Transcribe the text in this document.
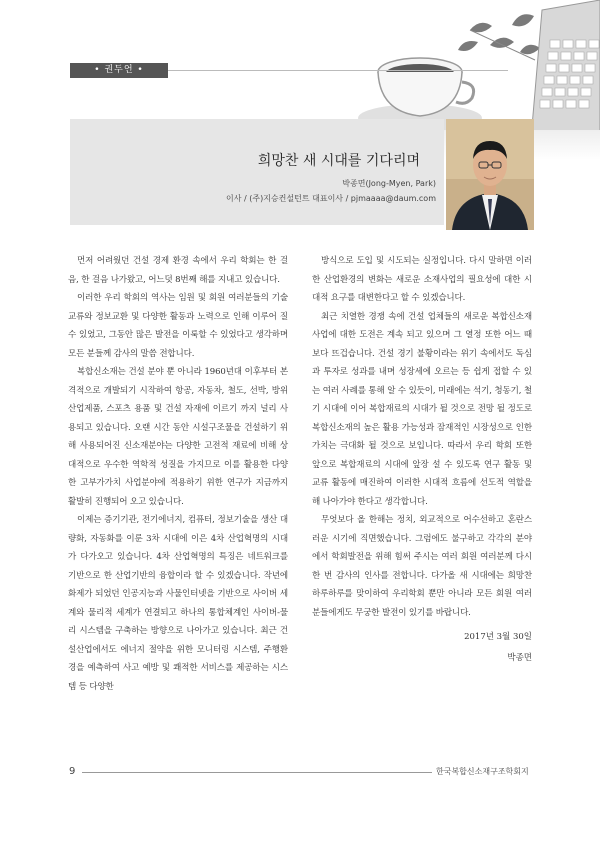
• 권두언 •
희망찬 새 시대를 기다리며
박종면(Jong-Myen, Park)
이사 / (주)지승컨설턴트 대표이사 / pjmaaaa@daum.com

먼저 어려웠던 건설 경제 환경 속에서 우리 학회는 한 걸음, 한 걸음 나가왔고, 어느덧 8번째 해를 지내고 있습니다.

이러한 우리 학회의 역사는 임원 및 회원 여러분들의 기술교류와 정보교환 및 다양한 활동과 노력으로 인해 이루어 질 수 있었고, 그동안 많은 발전을 이룩할 수 있었다고 생각하며 모든 분들께 감사의 말씀 전합니다.

복합신소재는 건설 분야 뿐 아니라 1960년대 이후부터 본격적으로 개발되기 시작하여 항공, 자동차, 철도, 선박, 방위산업제품, 스포츠 용품 및 건설 자재에 이르기 까지 널리 사용되고 있습니다. 오랜 시간 동안 시설구조물을 건설하기 위해 사용되어진 신소재분야는 다양한 고전적 재료에 비해 상대적으로 우수한 역학적 성질을 가지므로 이를 활용한 다양한 고부가가치 사업분야에 적용하기 위한 연구가 지금까지 활발히 진행되어 오고 있습니다.

이제는 증기기관, 전기에너지, 컴퓨터, 정보기술을 생산 대량화, 자동화를 이룬 3차 시대에 이은 4차 산업혁명의 시대가 다가오고 있습니다. 4차 산업혁명의 특징은 네트워크를 기반으로 한 산업기반의 융합이라 할 수 있겠습니다. 작년에 화제가 되었던 인공지능과 사물인터넷을 기반으로 사이버 세계와 물리적 세계가 연결되고 하나의 통합체계인 사이버-물리 시스템을 구축하는 방향으로 나아가고 있습니다. 최근 건설산업에서도 에너지 절약을 위한 모니터링 시스템, 주행환경을 예측하여 사고 예방 및 쾌적한 서비스를 제공하는 시스템 등 다양한

방식으로 도입 및 시도되는 실정입니다. 다시 말하면 이러한 산업환경의 변화는 새로운 소재사업의 필요성에 대한 시대적 요구를 대변한다고 할 수 있겠습니다.

최근 치열한 경쟁 속에 건설 업체들의 새로운 복합신소재 사업에 대한 도전은 계속 되고 있으며 그 열정 또한 어느 때 보다 뜨겁습니다. 건설 경기 불황이라는 위기 속에서도 독심과 투자로 성과를 내며 성장세에 오르는 등 쉽게 접할 수 있는 여러 사례를 통해 알 수 있듯이, 미래에는 석기, 청동기, 철기 시대에 이어 복합재료의 시대가 될 것으로 전망 될 정도로 복합신소재의 높은 활용 가능성과 잠재적인 시장성으로 인한 가치는 극대화 될 것으로 보입니다. 따라서 우리 학회 또한 앞으로 복합재료의 시대에 앞장 설 수 있도록 연구 활동 및 교류 활동에 매진하여 이러한 시대적 흐름에 선도적 역할을 해 나아가야 한다고 생각합니다.

무엇보다 올 한해는 정치, 외교적으로 어수선하고 혼란스러운 시기에 직면했습니다. 그럼에도 불구하고 각각의 분야에서 학회발전을 위해 힘써 주시는 여러 회원 여러분께 다시 한 번 감사의 인사를 전합니다. 다가올 새 시대에는 희망찬 하루하루를 맞이하여 우리학회 뿐만 아니라 모든 회원 여러분들에게도 무궁한 발전이 있기를 바랍니다.

2017년 3월 30일
박종면
9	한국복합신소재구조학회지
